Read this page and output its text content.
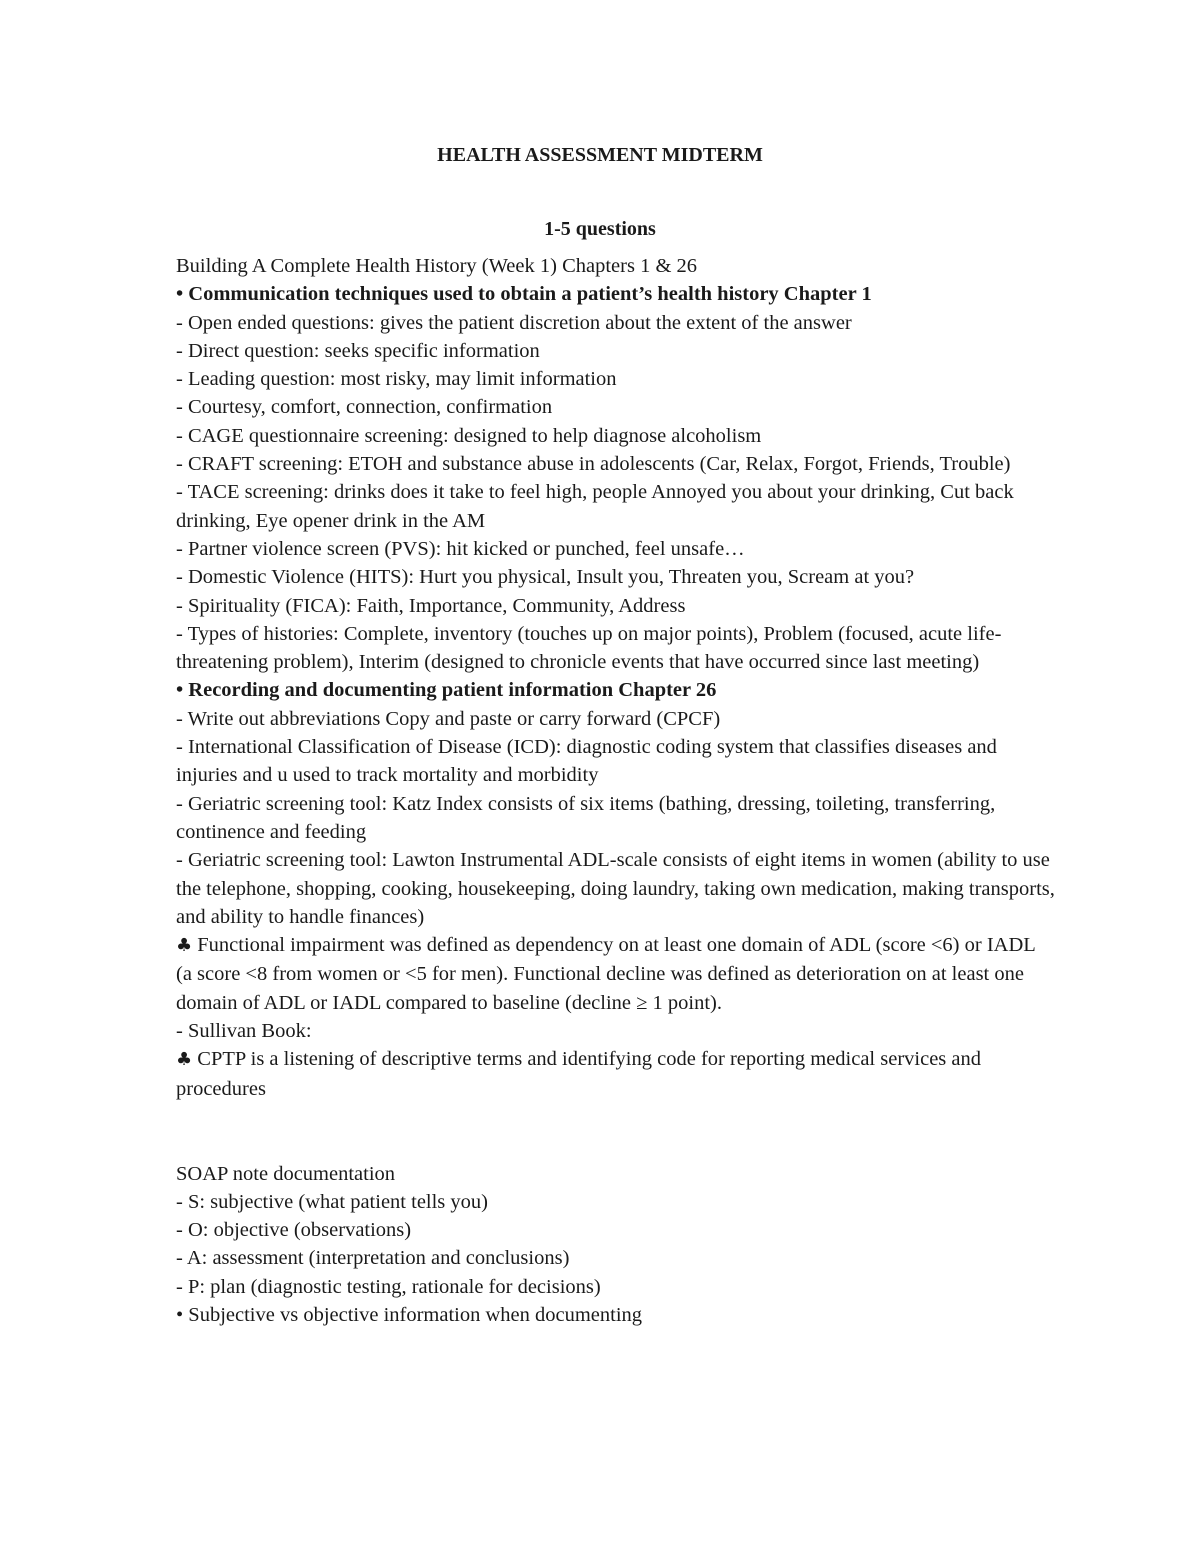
HEALTH ASSESSMENT MIDTERM

1-5 questions

Building A Complete Health History (Week 1) Chapters 1 & 26

• Communication techniques used to obtain a patient’s health history Chapter 1

- Open ended questions: gives the patient discretion about the extent of the answer

- Direct question: seeks specific information

- Leading question: most risky, may limit information

- Courtesy, comfort, connection, confirmation

- CAGE questionnaire screening: designed to help diagnose alcoholism

- CRAFT screening: ETOH and substance abuse in adolescents (Car, Relax, Forgot, Friends, Trouble)

- TACE screening: drinks does it take to feel high, people Annoyed you about your drinking, Cut back drinking, Eye opener drink in the AM

- Partner violence screen (PVS): hit kicked or punched, feel unsafe…

- Domestic Violence (HITS): Hurt you physical, Insult you, Threaten you, Scream at you?

- Spirituality (FICA): Faith, Importance, Community, Address

- Types of histories: Complete, inventory (touches up on major points), Problem (focused, acute life-threatening problem), Interim (designed to chronicle events that have occurred since last meeting)

• Recording and documenting patient information Chapter 26

- Write out abbreviations Copy and paste or carry forward (CPCF)

- International Classification of Disease (ICD): diagnostic coding system that classifies diseases and injuries and u used to track mortality and morbidity

- Geriatric screening tool: Katz Index consists of six items (bathing, dressing, toileting, transferring, continence and feeding

- Geriatric screening tool: Lawton Instrumental ADL-scale consists of eight items in women (ability to use the telephone, shopping, cooking, housekeeping, doing laundry, taking own medication, making transports, and ability to handle finances)

♣ Functional impairment was defined as dependency on at least one domain of ADL (score <6) or IADL (a score <8 from women or <5 for men). Functional decline was defined as deterioration on at least one domain of ADL or IADL compared to baseline (decline ≥ 1 point).

- Sullivan Book:

♣ CPTP is a listening of descriptive terms and identifying code for reporting medical services and procedures

SOAP note documentation

- S: subjective (what patient tells you)

- O: objective (observations)

- A: assessment (interpretation and conclusions)

- P: plan (diagnostic testing, rationale for decisions)

• Subjective vs objective information when documenting
